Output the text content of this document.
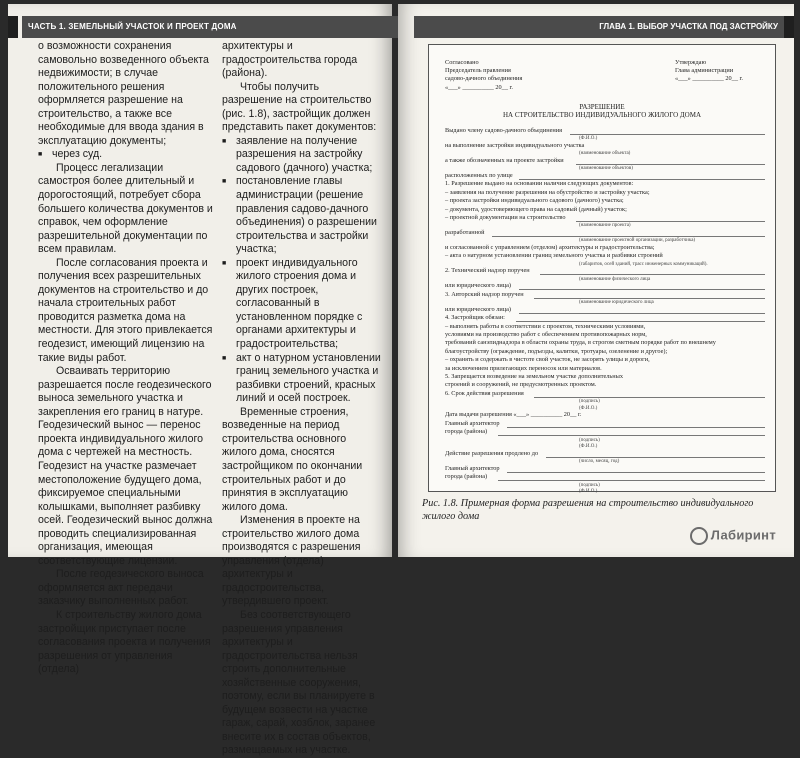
ЧАСТЬ 1. ЗЕМЕЛЬНЫЙ УЧАСТОК И ПРОЕКТ ДОМА

о возможности сохранения самовольно возведенного объекта недвижимости; в случае положительного решения оформляется разрешение на строительство, а также все необходимые для ввода здания в эксплуатацию документы;

■ через суд.

Процесс легализации самостроя более длительный и дорогостоящий, потребует сбора большего количества документов и справок, чем оформление разрешительной документации по всем правилам.

После согласования проекта и получения всех разрешительных документов на строительство и до начала строительных работ проводится разметка дома на местности. Для этого привлекается геодезист, имеющий лицензию на такие виды работ.

Осваивать территорию разрешается после геодезического выноса земельного участка и закрепления его границ в натуре. Геодезический вынос — перенос проекта индивидуального жилого дома с чертежей на местность. Геодезист на участке размечает местоположение будущего дома, фиксируемое специальными колышками, выполняет разбивку осей. Геодезический вынос должна проводить специализированная организация, имеющая соответствующие лицензии.

После геодезического выноса оформляется акт передачи заказчику выполненных работ.

К строительству жилого дома застройщик приступает после согласования проекта и получения разрешения от управления (отдела)

архитектуры и градостроительства города (района).

Чтобы получить разрешение на строительство (рис. 1.8), застройщик должен представить пакет документов:

■ заявление на получение разрешения на застройку садового (дачного) участка;

■ постановление главы администрации (решение правления садово-дачного объединения) о разрешении строительства и застройки участка;

■ проект индивидуального жилого строения дома и других построек, согласованный в установленном порядке с органами архитектуры и градостроительства;

■ акт о натурном установлении границ земельного участка и разбивки строений, красных линий и осей построек.

Временные строения, возведенные на период строительства основного жилого дома, сносятся застройщиком по окончании строительных работ и до принятия в эксплуатацию жилого дома.

Изменения в проекте на строительство жилого дома производятся с разрешения управления (отдела) архитектуры и градостроительства, утвердившего проект.

Без соответствующего разрешения управления архитектуры и градостроительства нельзя строить дополнительные хозяйственные сооружения, поэтому, если вы планируете в будущем возвести на участке гараж, сарай, хозблок, заранее внесите их в состав объектов, размещаемых на участке.

ГЛАВА 1. ВЫБОР УЧАСТКА ПОД ЗАСТРОЙКУ
Согласовано
Председатель правления
садово-дачного объединения
«___» __________ 20__ г.
Утверждаю
Глава администрации
«___» __________ 20__ г.
РАЗРЕШЕНИЕ
НА СТРОИТЕЛЬСТВО ИНДИВИДУАЛЬНОГО ЖИЛОГО ДОМА
Выдано члену садово-дачного объединения
(Ф.И.О.)
на выполнение застройки индивидуального участка
(наименование объекта)
а также обозначенных на проекте застройки
(наименование объектов)
расположенных по улице
1. Разрешение выдано на основании наличия следующих документов:
– заявления на получение разрешения на обустройство и застройку участка;
– проекта застройки индивидуального садового (дачного) участка;
– документа, удостоверяющего права на садовый (дачный) участок;
– проектной документации на строительство
(наименование проекта)
разработанной
(наименование проектной организации, разработчика)
и согласованной с управлением (отделом) архитектуры и градостроительства;
– акта о натурном установлении границ земельного участка и разбивки строений
(габаритов, осей зданий, трасс инженерных коммуникаций).
2. Технический надзор поручен
(наименование физического лица
или юридического лица)
3. Авторский надзор поручен
(наименование юридического лица
или юридического лица)
4. Застройщик обязан:
– выполнять работы в соответствии с проектом, техническими условиями,
условиями на производство работ с обеспечением противопожарных норм,
требований санэпиднадзора в области охраны труда, в строгом сметным порядке работ по внешнему
благоустройству (ограждение, подъезды, калитки, тротуары, озеленение и другое);
– охранять и содержать в чистоте свой участок, не засорять улицы и дороги,
за исключением прилегающих переносок или материалов.
5. Запрещается возведение на земельном участке дополнительных
строений и сооружений, не предусмотренных проектом.
6. Срок действия разрешения
(подпись)
(Ф.И.О.)
Дата выдачи разрешения «___» __________ 20__ г.
Главный архитектор
города (района)
(подпись)
(Ф.И.О.)
Действие разрешения продлено до
(число, месяц, год)
Главный архитектор
города (района)
(подпись)
(Ф.И.О.)
Рис. 1.8. Примерная форма разрешения на строительство индивидуального жилого дома
Лабиринт
